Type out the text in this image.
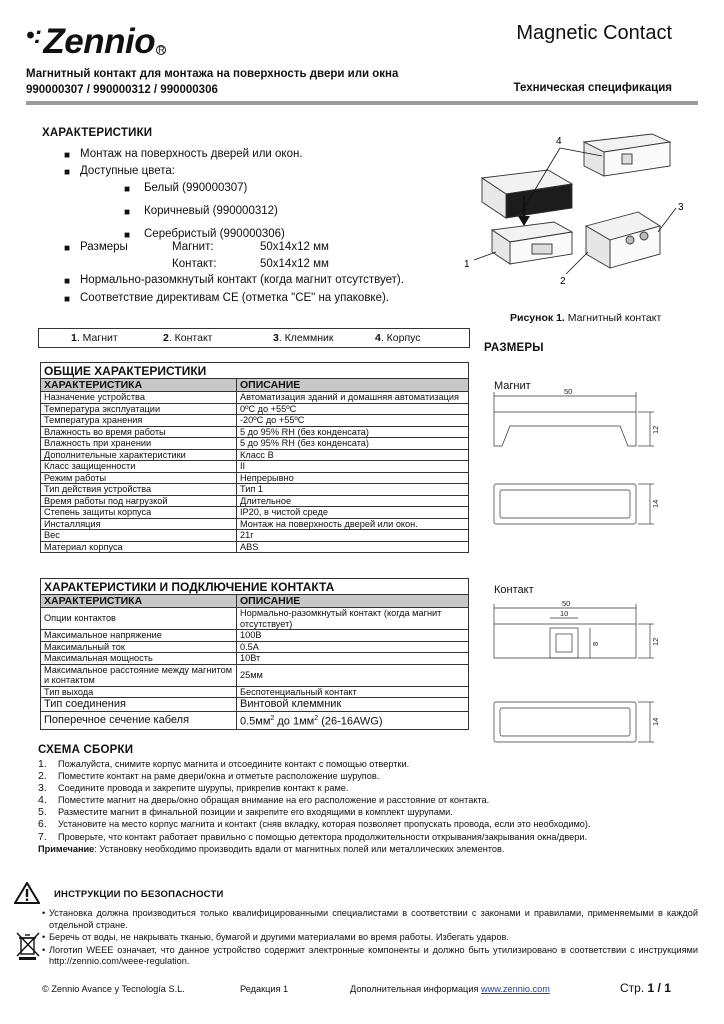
•: Zennio R
Magnetic Contact
Магнитный контакт для монтажа на поверхность двери или окна
990000307 / 990000312 / 990000306	Техническая спецификация
ХАРАКТЕРИСТИКИ
■ Монтаж на поверхность дверей или окон.
■ Доступные цвета:
■ Белый (990000307)
■ Коричневый (990000312)
■ Серебристый (990000306)
■ Размеры	Магнит:	50x14x12 мм
Контакт:	50x14x12 мм
■ Нормально-разомкнутый контакт (когда магнит отсутствует).
■ Соответствие директивам CE (отметка "CE" на упаковке).
1. Магнит	2. Контакт	3. Клеммник	4. Корпус
4
1
2
3
Рисунок 1. Магнитный контакт
РАЗМЕРЫ
Магнит	50
12
14
Контакт
50
10
8	12
14
ОБЩИЕ ХАРАКТЕРИСТИКИ	
ХАРАКТЕРИСТИКА	ОПИСАНИЕ
Назначение устройства	Автоматизация зданий и домашняя автоматизация
Температура эксплуатации	0ºC до +55ºC
Температура хранения	-20ºC до +55ºC
Влажность во время работы	5 до 95% RH (без конденсата)
Влажность при хранении	5 до 95% RH (без конденсата)
Дополнительные характеристики	Класс B
Класс защищенности	II
Режим работы	Непрерывно
Тип действия устройства	Тип 1
Время работы под нагрузкой	Длительное
Степень защиты корпуса	IP20, в чистой среде
Инсталляция	Монтаж на поверхность дверей или окон.
Вес	21г
Материал корпуса	ABS
ХАРАКТЕРИСТИКИ И ПОДКЛЮЧЕНИЕ КОНТАКТА	
ХАРАКТЕРИСТИКА	ОПИСАНИЕ
Опции контактов	Нормально-разомкнутый контакт (когда магнит отсутствует)
Максимальное напряжение	100В
Максимальный ток	0.5A
Максимальная мощность	10Вт
Максимальное расстояние между магнитом и контактом	25мм
Тип выхода	Беспотенциальный контакт
Тип соединения	Винтовой клеммник
Поперечное сечение кабеля	$0.5мм^2$ до $1мм^2$ (26-16AWG)
СХЕМА СБОРКИ
1. Пожалуйста, снимите корпус магнита и отсоедините контакт с помощью отвертки.
2. Поместите контакт на раме двери/окна и отметьте расположение шурупов.
3. Соедините провода и закрепите шурупы, прикрепив контакт к раме.
4. Поместите магнит на дверь/окно обращая внимание на его расположение и расстояние от контакта.
5. Разместите магнит в финальной позиции и закрепите его входящими в комплект шурупами.
6. Установите на место корпус магнита и контакт (сняв вкладку, которая позволяет пропускать провода, если это необходимо).
7. Проверьте, что контакт работает правильно с помощью детектора продолжительности открывания/закрывания окна/двери.
Примечание: Установку необходимо производить вдали от магнитных полей или металлических элементов.
ИНСТРУКЦИИ ПО БЕЗОПАСНОСТИ
• Установка должна производиться только квалифицированными специалистами в соответствии с законами и правилами, применяемыми в каждой отдельной стране.
• Беречь от воды, не накрывать тканью, бумагой и другими материалами во время работы. Избегать ударов.
• Логотип WEEE означает, что данное устройство содержит электронные компоненты и должно быть утилизировано в соответствии с инструкциями http://zennio.com/weee-regulation.
© Zennio Avance y Tecnología S.L.	Редакция 1	Дополнительная информация www.zennio.com	Стр. 1 / 1
